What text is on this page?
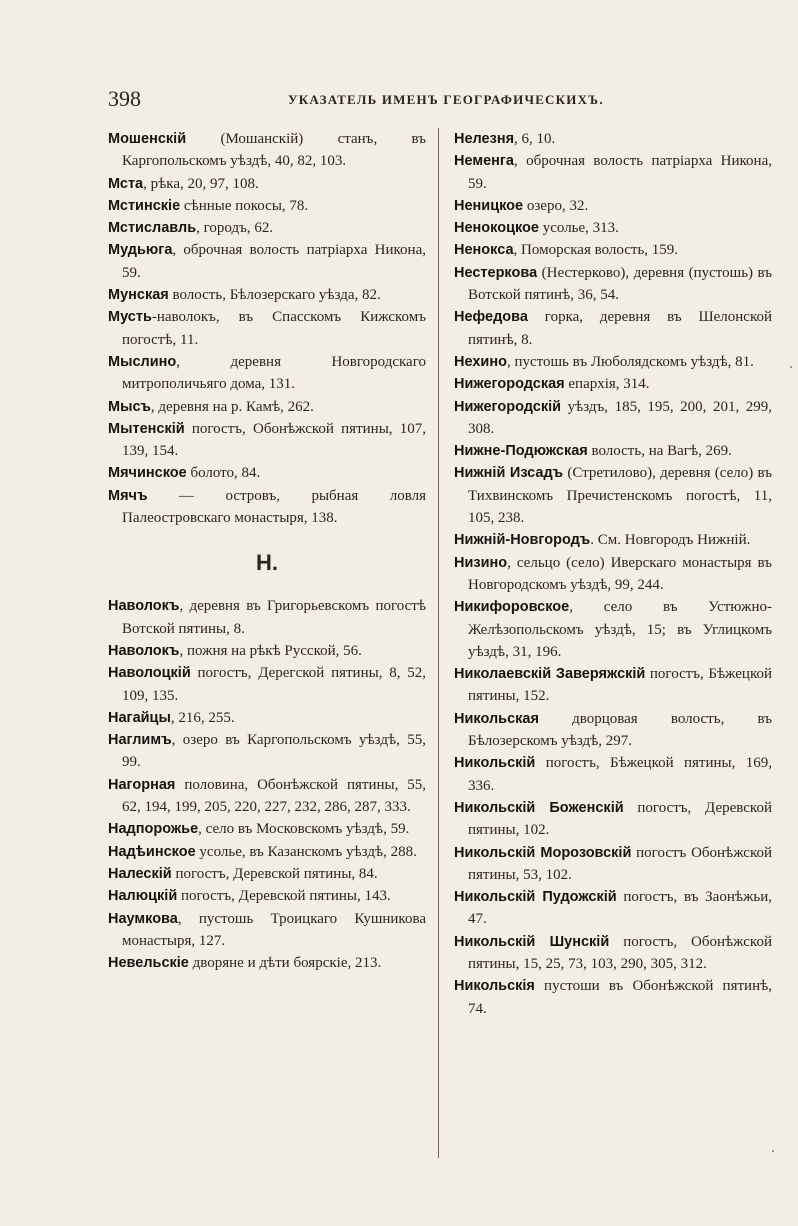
398	УКАЗАТЕЛЬ ИМЕНЪ ГЕОГРАФИЧЕСКИХЪ.

Мошенскій (Мошанскій) станъ, въ Каргопольскомъ уѣздѣ, 40, 82, 103.

Мста, рѣка, 20, 97, 108.

Мстинскіе сѣнные покосы, 78.

Мстиславль, городъ, 62.

Мудьюга, оброчная волость патріарха Никона, 59.

Мунская волость, Бѣлозерскаго уѣзда, 82.

Мусть-наволокъ, въ Спасскомъ Кижскомъ погостѣ, 11.

Мыслино, деревня Новгородскаго митрополичьяго дома, 131.

Мысъ, деревня на р. Камѣ, 262.

Мытенскій погостъ, Обонѣжской пятины, 107, 139, 154.

Мячинское болото, 84.

Мячъ — островъ, рыбная ловля Палеостровскаго монастыря, 138.

Н.

Наволокъ, деревня въ Григорьевскомъ погостѣ Вотской пятины, 8.

Наволокъ, пожня на рѣкѣ Русской, 56.

Наволоцкій погостъ, Дерегской пятины, 8, 52, 109, 135.

Нагайцы, 216, 255.

Наглимъ, озеро въ Каргопольскомъ уѣздѣ, 55, 99.

Нагорная половина, Обонѣжской пятины, 55, 62, 194, 199, 205, 220, 227, 232, 286, 287, 333.

Надпорожье, село въ Московскомъ уѣздѣ, 59.

Надѣинское усолье, въ Казанскомъ уѣздѣ, 288.

Налескій погостъ, Деревской пятины, 84.

Налюцкій погостъ, Деревской пятины, 143.

Наумкова, пустошь Троицкаго Кушникова монастыря, 127.

Невельскіе дворяне и дѣти боярскіе, 213.

Нелезня, 6, 10.

Неменга, оброчная волость патріарха Никона, 59.

Неницкое озеро, 32.

Ненокоцкое усолье, 313.

Ненокса, Поморская волость, 159.

Нестеркова (Нестерково), деревня (пустошь) въ Вотской пятинѣ, 36, 54.

Нефедова горка, деревня въ Шелонской пятинѣ, 8.

Нехино, пустошь въ Люболядскомъ уѣздѣ, 81.

Нижегородская епархія, 314.

Нижегородскій уѣздъ, 185, 195, 200, 201, 299, 308.

Нижне-Подюжская волость, на Вагѣ, 269.

Нижній Изсадъ (Стретилово), деревня (село) въ Тихвинскомъ Пречистенскомъ погостѣ, 11, 105, 238.

Нижній-Новгородъ. См. Новгородъ Нижній.

Низино, сельцо (село) Иверскаго монастыря въ Новгородскомъ уѣздѣ, 99, 244.

Никифоровское, село въ Устюжно-Желѣзопольскомъ уѣздѣ, 15; въ Углицкомъ уѣздѣ, 31, 196.

Николаевскій Заверяжскій погостъ, Бѣжецкой пятины, 152.

Никольская дворцовая волость, въ Бѣлозерскомъ уѣздѣ, 297.

Никольскій погостъ, Бѣжецкой пятины, 169, 336.

Никольскій Боженскій погостъ, Деревской пятины, 102.

Никольскій Морозовскій погостъ Обонѣжской пятины, 53, 102.

Никольскій Пудожскій погостъ, въ Заонѣжьи, 47.

Никольскій Шунскій погостъ, Обонѣжской пятины, 15, 25, 73, 103, 290, 305, 312.

Никольскія пустоши въ Обонѣжской пятинѣ, 74.
